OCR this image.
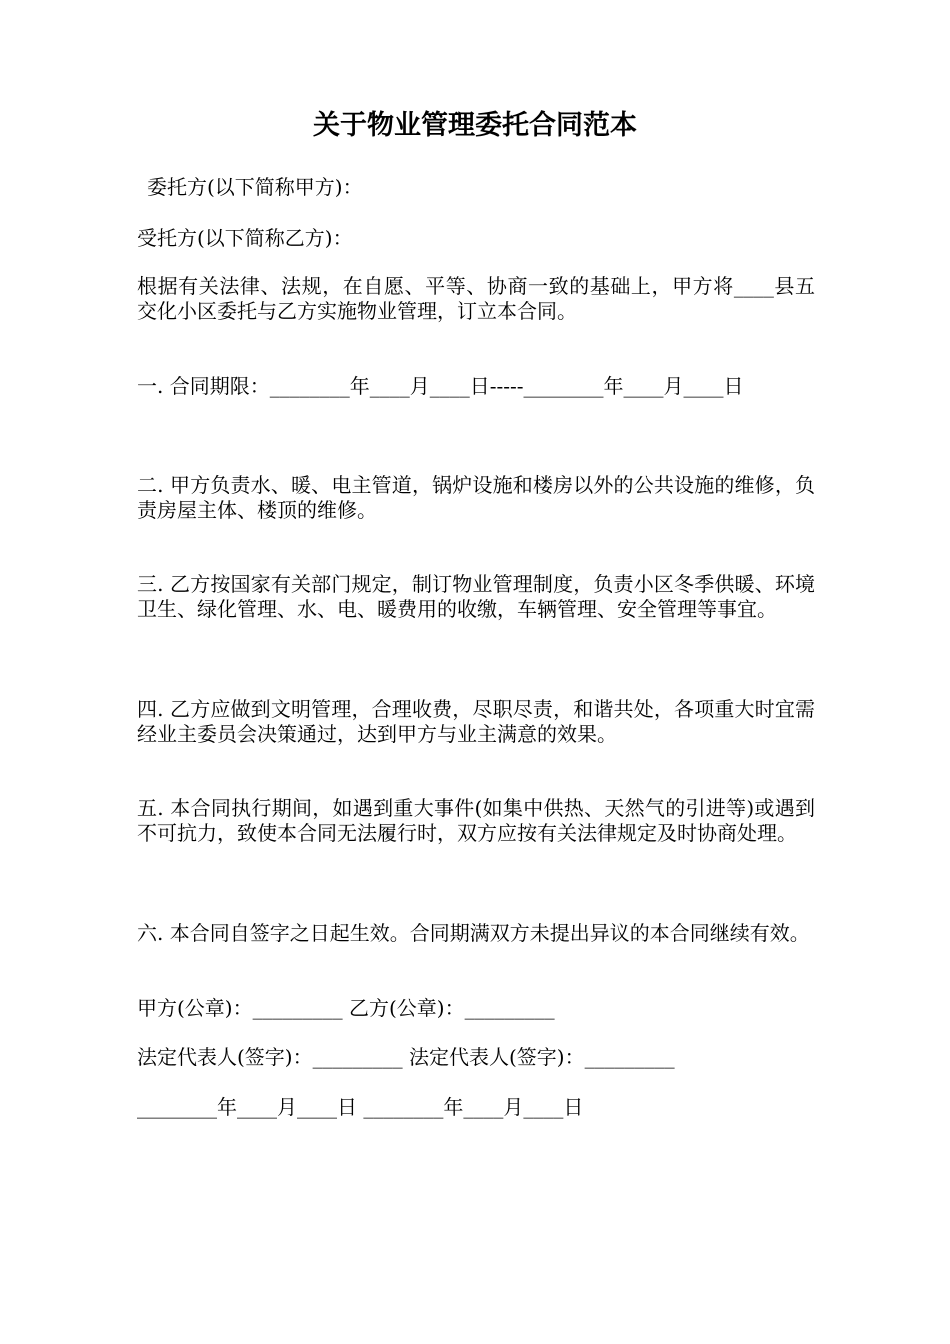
关于物业管理委托合同范本

委托方(以下简称甲方)：

受托方(以下简称乙方)：

根据有关法律、法规，在自愿、平等、协商一致的基础上，甲方将____县五交化小区委托与乙方实施物业管理，订立本合同。

一. 合同期限：________年____月____日-----________年____月____日

二. 甲方负责水、暖、电主管道，锅炉设施和楼房以外的公共设施的维修，负责房屋主体、楼顶的维修。

三. 乙方按国家有关部门规定，制订物业管理制度，负责小区冬季供暖、环境卫生、绿化管理、水、电、暖费用的收缴，车辆管理、安全管理等事宜。

四. 乙方应做到文明管理，合理收费，尽职尽责，和谐共处，各项重大时宜需经业主委员会决策通过，达到甲方与业主满意的效果。

五. 本合同执行期间，如遇到重大事件(如集中供热、天然气的引进等)或遇到不可抗力，致使本合同无法履行时，双方应按有关法律规定及时协商处理。

六. 本合同自签字之日起生效。合同期满双方未提出异议的本合同继续有效。

甲方(公章)：_________ 乙方(公章)：_________

法定代表人(签字)：_________ 法定代表人(签字)：_________

________年____月____日 ________年____月____日
